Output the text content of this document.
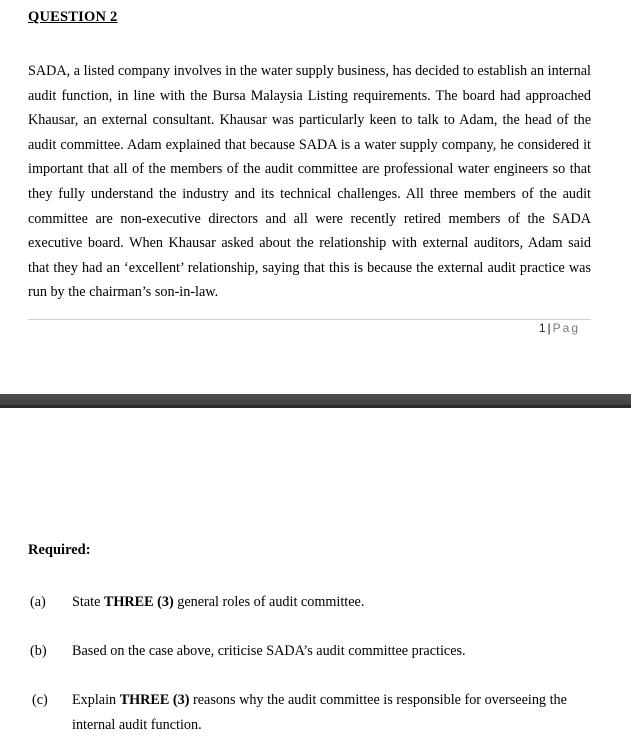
QUESTION 2
SADA, a listed company involves in the water supply business, has decided to establish an internal audit function, in line with the Bursa Malaysia Listing requirements. The board had approached Khausar, an external consultant. Khausar was particularly keen to talk to Adam, the head of the audit committee. Adam explained that because SADA is a water supply company, he considered it important that all of the members of the audit committee are professional water engineers so that they fully understand the industry and its technical challenges. All three members of the audit committee are non-executive directors and all were recently retired members of the SADA executive board. When Khausar asked about the relationship with external auditors, Adam said that they had an ‘excellent’ relationship, saying that this is because the external audit practice was run by the chairman’s son-in-law.
1 | Pag
Required:
(a) State THREE (3) general roles of audit committee.
(b) Based on the case above, criticise SADA’s audit committee practices.
(c) Explain THREE (3) reasons why the audit committee is responsible for overseeing the internal audit function.
